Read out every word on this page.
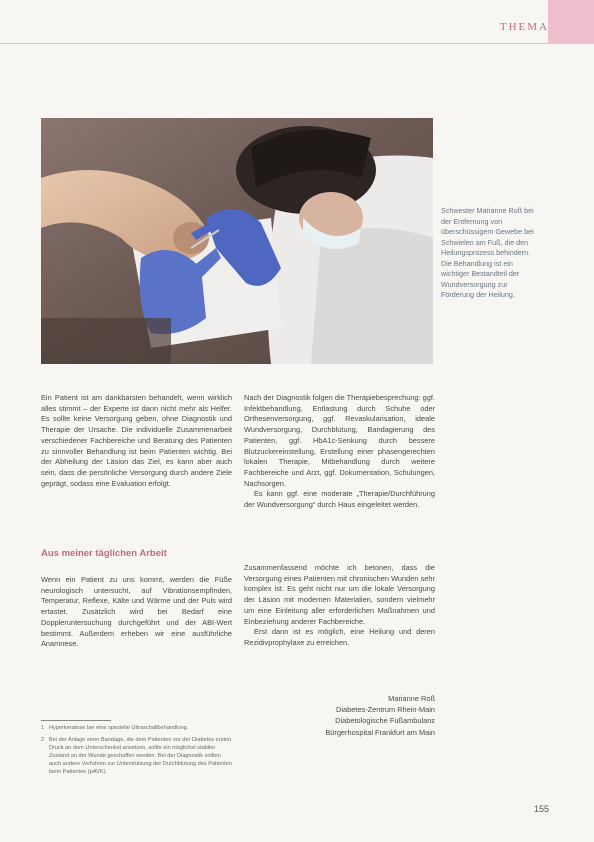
THEMA
Schwester Marianne Roß bei der Entfernung von überschüssigem Gewebe bei Schwielen am Fuß, die den Heilungsprozess behindern. Die Behandlung ist ein wichtiger Bestandteil der Wundversorgung zur Förderung der Heilung.

Ein Patient ist am dankbarsten behandelt, wenn wirklich alles stimmt – der Experte ist dann nicht mehr als Helfer. Es sollte keine Versorgung geben, ohne Diagnostik und Therapie der Ursache. Die individuelle Zusammenarbeit verschiedener Fachbereiche und Beratung des Patienten zu sinnvoller Behandlung ist beim Patienten wichtig. Bei der Abheilung der Läsion das Ziel, es kann aber auch sein, dass die persönliche Versorgung durch andere Ziele geprägt, sodass eine Evaluation erfolgt.

Aus meiner täglichen Arbeit

Wenn ein Patient zu uns kommt, werden die Füße neurologisch untersucht, auf Vibrationsempfinden, Temperatur, Reflexe, Kälte und Wärme und der Puls wird ertastet. Zusätzlich wird bei Bedarf eine Doppleruntersuchung durchgeführt und der ABI-Wert bestimmt. Außerdem erheben wir eine ausführliche Anamnese.

Nach der Diagnostik folgen die Therapiebesprechung: ggf. Infektbehandlung, Entlastung durch Schuhe oder Orthesenversorgung, ggf. Revaskularisation, ideale Wundversorgung, Durchblutung, Bandagierung des Patienten, ggf. HbA1c-Senkung durch bessere Blutzuckereinstellung, Erstellung einer phasengerechten lokalen Therapie, Mitbehandlung durch weitere Fachbereiche und Arzt, ggf. Dokumentation, Schulungen, Nachsorgen.

Es kann ggf. eine moderate „Therapie/Durchführung der Wundversorgung“ durch Haus eingeleitet werden.

Zusammenfassend möchte ich betonen, dass die Versorgung eines Patienten mit chronischen Wunden sehr komplex ist. Es geht nicht nur um die lokale Versorgung der Läsion mit modernen Materialien, sondern vielmehr um eine Einleitung aller erforderlichen Maßnahmen und Einbeziehung anderer Fachbereiche.

Erst dann ist es möglich, eine Heilung und deren Rezidivprophylaxe zu erreichen.

Marianne Roß
Diabetes-Zentrum Rhein-Main
Diabetologische Fußambulanz
Bürgerhospital Frankfurt am Main
1 Hyperkeratose bei eine spezielle Ultraschallbehandlung.
2 Bei der Anlage einer Bandage, die dem Patienten vor der Diabetes ersten Druck an dem Unterschenkel ansetzen, sollte ein möglichst stabiler Zustand an der Wunde geschaffen werden. Bei der Diagnostik sollten auch andere Verfahren zur Unterstützung der Durchblutung des Patienten beim Patienten (pAVK).
155
